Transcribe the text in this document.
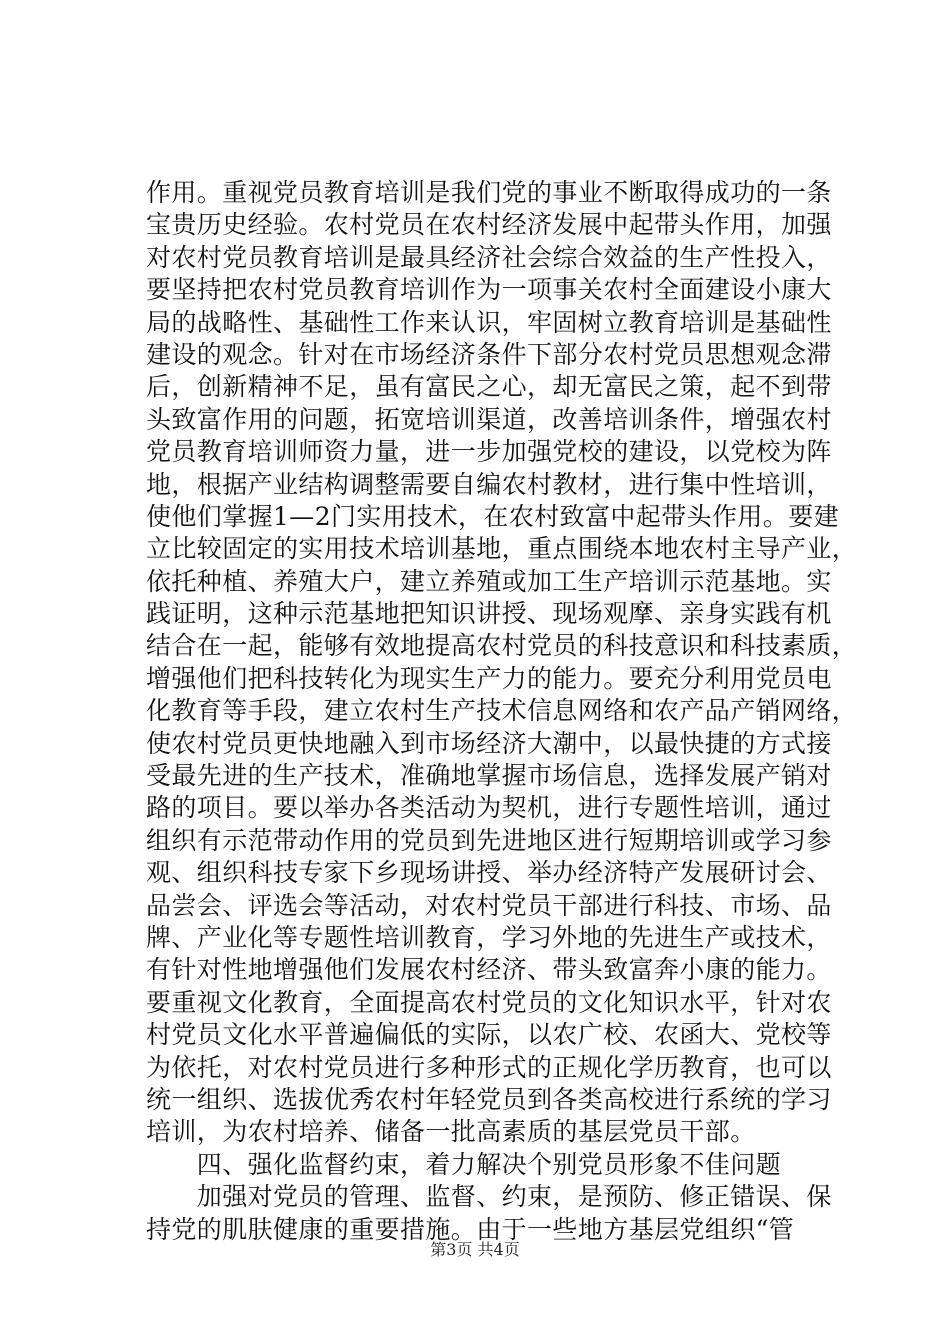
作用。重视党员教育培训是我们党的事业不断取得成功的一条
宝贵历史经验。农村党员在农村经济发展中起带头作用，加强
对农村党员教育培训是最具经济社会综合效益的生产性投入，
要坚持把农村党员教育培训作为一项事关农村全面建设小康大
局的战略性、基础性工作来认识，牢固树立教育培训是基础性
建设的观念。针对在市场经济条件下部分农村党员思想观念滞
后，创新精神不足，虽有富民之心，却无富民之策，起不到带
头致富作用的问题，拓宽培训渠道，改善培训条件，增强农村
党员教育培训师资力量，进一步加强党校的建设，以党校为阵
地，根据产业结构调整需要自编农村教材，进行集中性培训，
使他们掌握1—2门实用技术，在农村致富中起带头作用。要建
立比较固定的实用技术培训基地，重点围绕本地农村主导产业，
依托种植、养殖大户，建立养殖或加工生产培训示范基地。实
践证明，这种示范基地把知识讲授、现场观摩、亲身实践有机
结合在一起，能够有效地提高农村党员的科技意识和科技素质，
增强他们把科技转化为现实生产力的能力。要充分利用党员电
化教育等手段，建立农村生产技术信息网络和农产品产销网络，
使农村党员更快地融入到市场经济大潮中，以最快捷的方式接
受最先进的生产技术，准确地掌握市场信息，选择发展产销对
路的项目。要以举办各类活动为契机，进行专题性培训，通过
组织有示范带动作用的党员到先进地区进行短期培训或学习参
观、组织科技专家下乡现场讲授、举办经济特产发展研讨会、
品尝会、评选会等活动，对农村党员干部进行科技、市场、品
牌、产业化等专题性培训教育，学习外地的先进生产或技术，
有针对性地增强他们发展农村经济、带头致富奔小康的能力。
要重视文化教育，全面提高农村党员的文化知识水平，针对农
村党员文化水平普遍偏低的实际，以农广校、农函大、党校等
为依托，对农村党员进行多种形式的正规化学历教育，也可以
统一组织、选拔优秀农村年轻党员到各类高校进行系统的学习
培训，为农村培养、储备一批高素质的基层党员干部。
　　四、强化监督约束，着力解决个别党员形象不佳问题
　　加强对党员的管理、监督、约束，是预防、修正错误、保
持党的肌肤健康的重要措施。由于一些地方基层党组织“管
第3页 共4页
